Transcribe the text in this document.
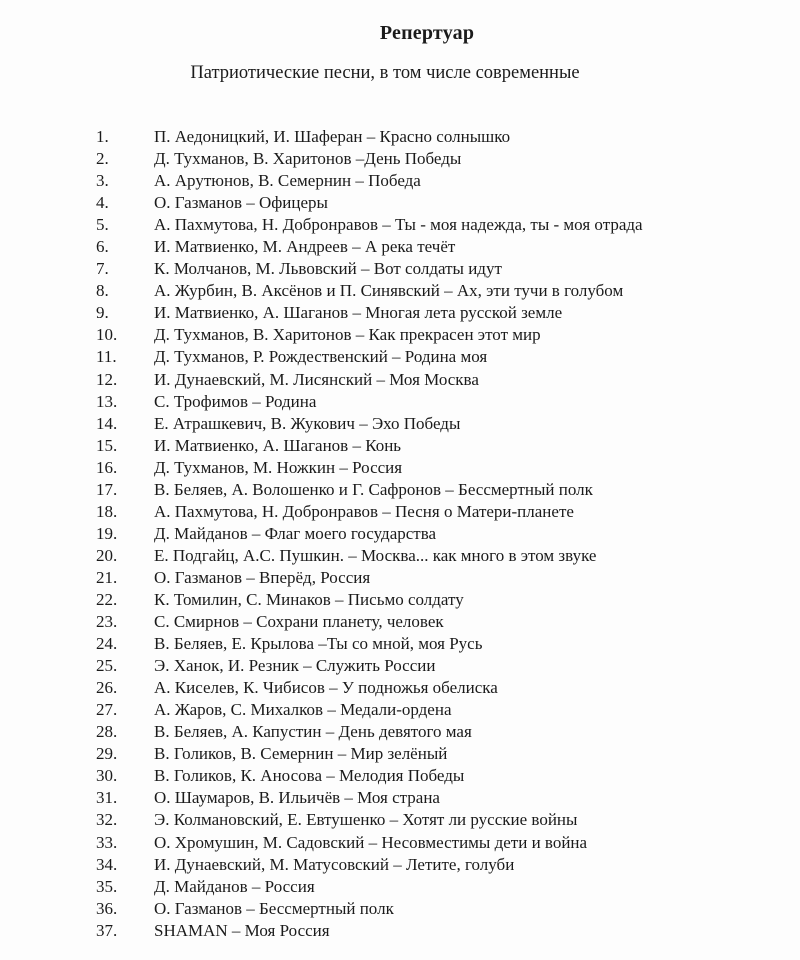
Репертуар
Патриотические песни, в том числе современные
1.	П. Аедоницкий, И. Шаферан – Красно солнышко
2.	Д. Тухманов, В. Харитонов –День Победы
3.	А. Арутюнов, В. Семернин – Победа
4.	О. Газманов – Офицеры
5.	А. Пахмутова, Н. Добронравов – Ты - моя надежда, ты - моя отрада
6.	И. Матвиенко, М. Андреев – А река течёт
7.	К. Молчанов, М. Львовский – Вот солдаты идут
8.	А. Журбин, В. Аксёнов и П. Синявский – Ах, эти тучи в голубом
9.	И. Матвиенко, А. Шаганов – Многая лета русской земле
10.	Д. Тухманов, В. Харитонов – Как прекрасен этот мир
11.	Д. Тухманов, Р. Рождественский – Родина моя
12.	И. Дунаевский, М. Лисянский – Моя Москва
13.	С. Трофимов – Родина
14.	Е. Атрашкевич, В. Жукович – Эхо Победы
15.	И. Матвиенко, А. Шаганов – Конь
16.	Д. Тухманов, М. Ножкин – Россия
17.	В. Беляев, А. Волошенко и Г. Сафронов – Бессмертный полк
18.	А. Пахмутова, Н. Добронравов – Песня о Матери-планете
19.	Д. Майданов – Флаг моего государства
20.	Е. Подгайц, А.С. Пушкин. – Москва... как много в этом звуке
21.	О. Газманов – Вперёд, Россия
22.	К. Томилин, С. Минаков – Письмо солдату
23.	С. Смирнов – Сохрани планету, человек
24.	В. Беляев, Е. Крылова –Ты со мной, моя Русь
25.	Э. Ханок, И. Резник – Служить России
26.	А. Киселев, К. Чибисов – У подножья обелиска
27.	А. Жаров, С. Михалков – Медали-ордена
28.	В. Беляев, А. Капустин – День девятого мая
29.	В. Голиков, В. Семернин – Мир зелёный
30.	В. Голиков, К. Аносова – Мелодия Победы
31.	О. Шаумаров, В. Ильичёв – Моя страна
32.	Э. Колмановский, Е. Евтушенко – Хотят ли русские войны
33.	О. Хромушин, М. Садовский – Несовместимы дети и война
34.	И. Дунаевский, М. Матусовский – Летите, голуби
35.	Д. Майданов – Россия
36.	О. Газманов – Бессмертный полк
37.	SHAMAN – Моя Россия
